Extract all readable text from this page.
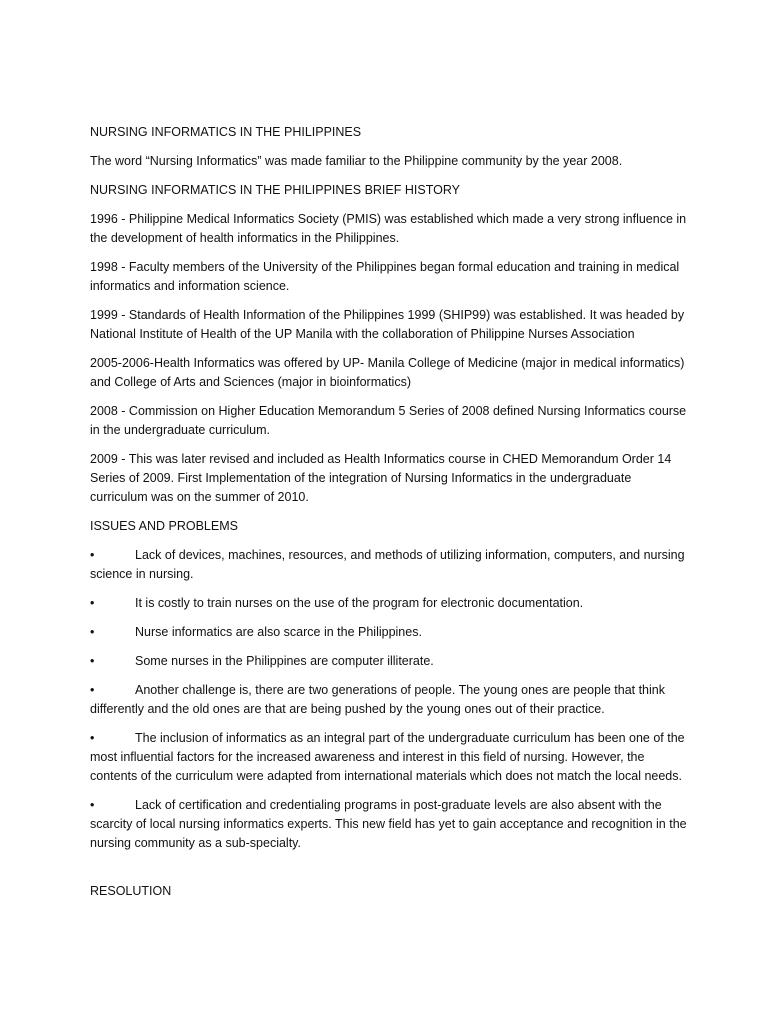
NURSING INFORMATICS IN THE PHILIPPINES

The word “Nursing Informatics” was made familiar to the Philippine community by the year 2008.

NURSING INFORMATICS IN THE PHILIPPINES BRIEF HISTORY

1996 - Philippine Medical Informatics Society (PMIS) was established which made a very strong influence in the development of health informatics in the Philippines.

1998 - Faculty members of the University of the Philippines began formal education and training in medical informatics and information science.

1999 - Standards of Health Information of the Philippines 1999 (SHIP99) was established. It was headed by National Institute of Health of the UP Manila with the collaboration of Philippine Nurses Association

2005-2006-Health Informatics was offered by UP- Manila College of Medicine (major in medical informatics) and College of Arts and Sciences (major in bioinformatics)

2008 - Commission on Higher Education Memorandum 5 Series of 2008 defined Nursing Informatics course in the undergraduate curriculum.

2009 - This was later revised and included as Health Informatics course in CHED Memorandum Order 14 Series of 2009. First Implementation of the integration of Nursing Informatics in the undergraduate curriculum was on the summer of 2010.

ISSUES AND PROBLEMS

•	Lack of devices, machines, resources, and methods of utilizing information, computers, and nursing science in nursing.

•	It is costly to train nurses on the use of the program for electronic documentation.

•	Nurse informatics are also scarce in the Philippines.

•	Some nurses in the Philippines are computer illiterate.

•	Another challenge is, there are two generations of people. The young ones are people that think differently and the old ones are that are being pushed by the young ones out of their practice.

•	The inclusion of informatics as an integral part of the undergraduate curriculum has been one of the most influential factors for the increased awareness and interest in this field of nursing. However, the contents of the curriculum were adapted from international materials which does not match the local needs.

•	Lack of certification and credentialing programs in post-graduate levels are also absent with the scarcity of local nursing informatics experts. This new field has yet to gain acceptance and recognition in the nursing community as a sub-specialty.

RESOLUTION
